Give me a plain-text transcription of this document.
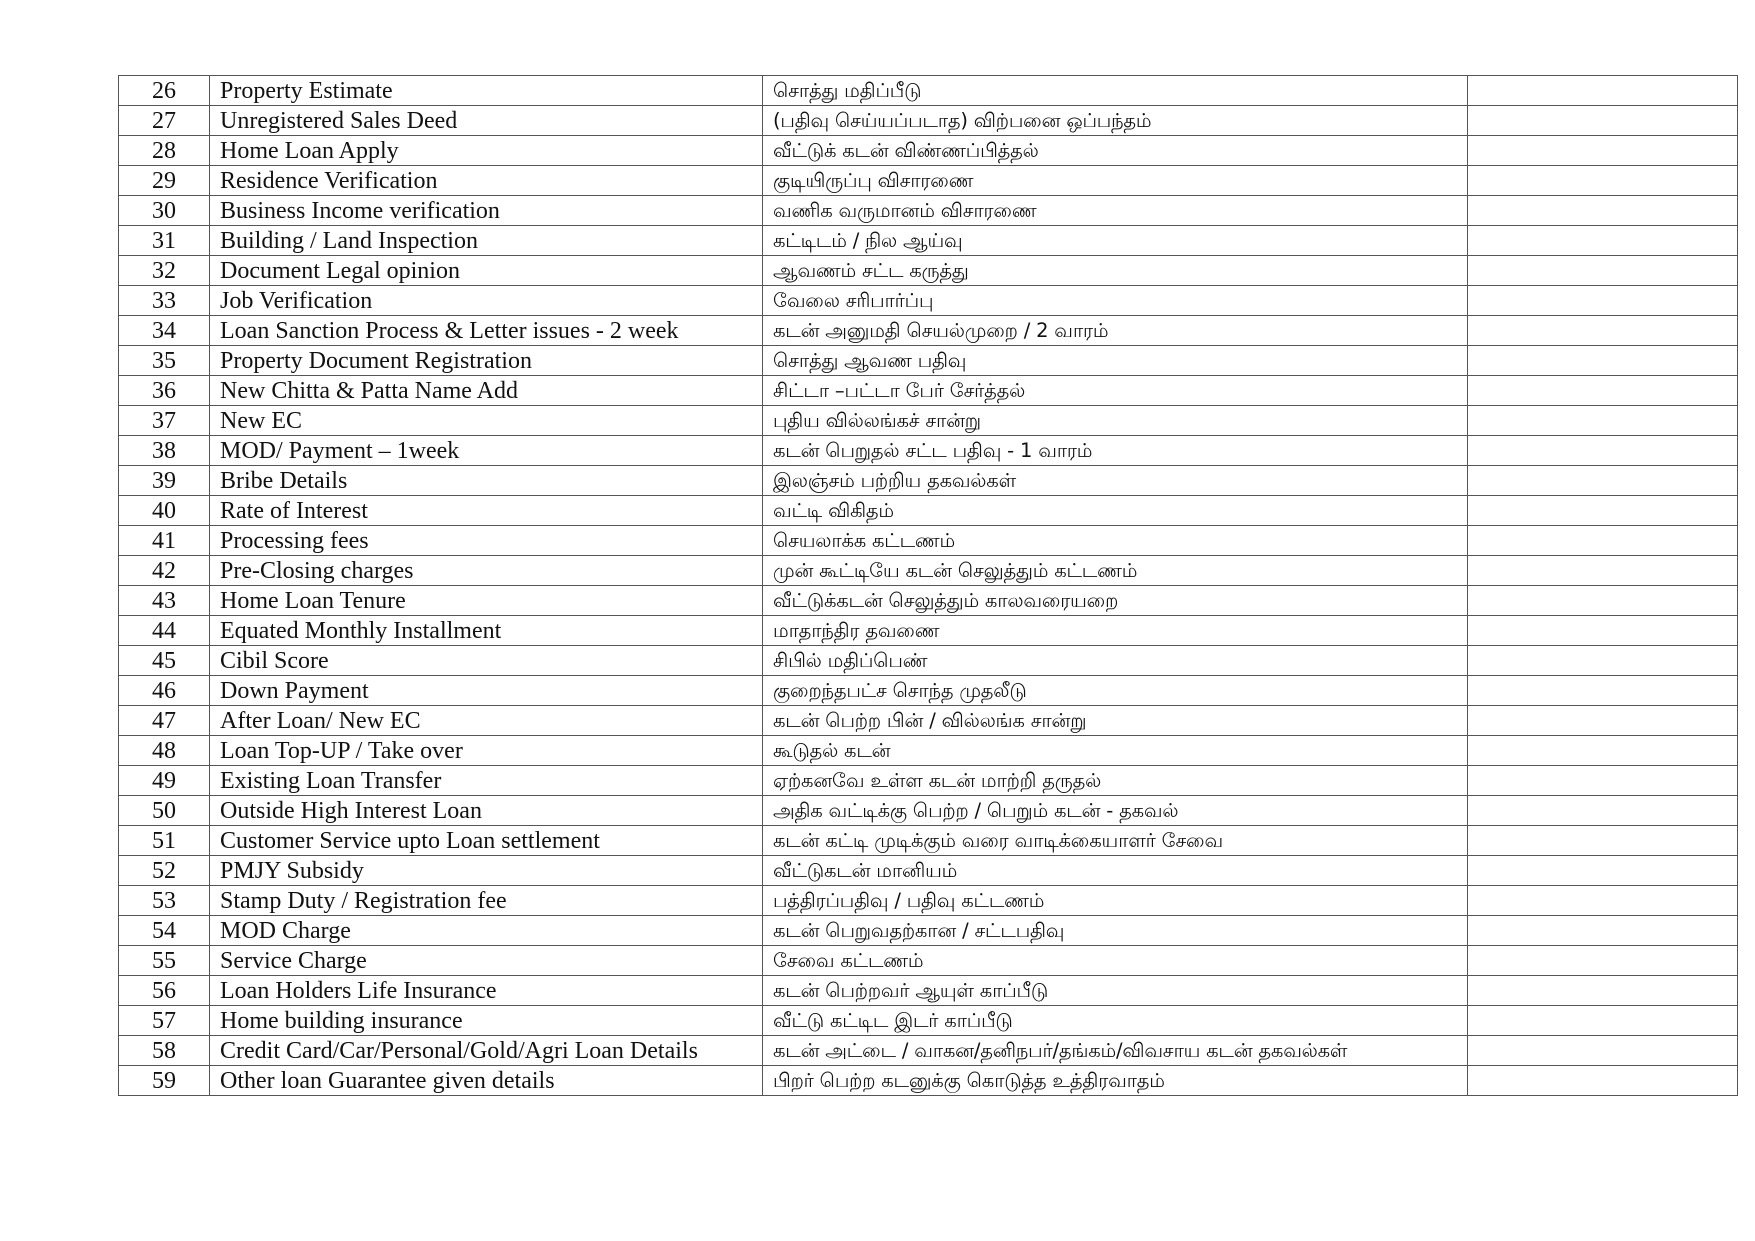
26	Property Estimate	சொத்து மதிப்பீடு	
27	Unregistered Sales Deed	(பதிவு செய்யப்படாத) விற்பனை ஒப்பந்தம்	
28	Home Loan Apply	வீட்டுக் கடன் விண்ணப்பித்தல்	
29	Residence Verification	குடியிருப்பு விசாரணை	
30	Business Income verification	வணிக வருமானம் விசாரணை	
31	Building / Land Inspection	கட்டிடம் / நில ஆய்வு	
32	Document Legal opinion	ஆவணம் சட்ட கருத்து	
33	Job Verification	வேலை சரிபார்ப்பு	
34	Loan Sanction Process & Letter issues - 2 week	கடன் அனுமதி செயல்முறை / 2 வாரம்	
35	Property Document Registration	சொத்து ஆவண பதிவு	
36	New Chitta & Patta Name Add	சிட்டா –பட்டா பேர் சேர்த்தல்	
37	New EC	புதிய வில்லங்கச் சான்று	
38	MOD/ Payment – 1week	கடன் பெறுதல் சட்ட பதிவு - 1 வாரம்	
39	Bribe Details	இலஞ்சம் பற்றிய தகவல்கள்	
40	Rate of Interest	வட்டி விகிதம்	
41	Processing fees	செயலாக்க கட்டணம்	
42	Pre-Closing charges	முன் கூட்டியே கடன் செலுத்தும் கட்டணம்	
43	Home Loan Tenure	வீட்டுக்கடன் செலுத்தும் காலவரையறை	
44	Equated Monthly Installment	மாதாந்திர தவணை	
45	Cibil Score	சிபில் மதிப்பெண்	
46	Down Payment	குறைந்தபட்ச சொந்த முதலீடு	
47	After Loan/ New EC	கடன் பெற்ற பின் / வில்லங்க சான்று	
48	Loan Top-UP / Take over	கூடுதல் கடன்	
49	Existing Loan Transfer	ஏற்கனவே உள்ள கடன் மாற்றி தருதல்	
50	Outside High Interest Loan	அதிக வட்டிக்கு பெற்ற / பெறும் கடன் - தகவல்	
51	Customer Service upto Loan settlement	கடன் கட்டி முடிக்கும் வரை வாடிக்கையாளர் சேவை	
52	PMJY Subsidy	வீட்டுகடன் மானியம்	
53	Stamp Duty / Registration fee	பத்திரப்பதிவு / பதிவு கட்டணம்	
54	MOD Charge	கடன் பெறுவதற்கான / சட்டபதிவு	
55	Service Charge	சேவை கட்டணம்	
56	Loan Holders Life Insurance	கடன் பெற்றவர் ஆயுள் காப்பீடு	
57	Home building insurance	வீட்டு கட்டிட இடர் காப்பீடு	
58	Credit Card/Car/Personal/Gold/Agri Loan Details	கடன் அட்டை / வாகன/தனிநபர்/தங்கம்/விவசாய கடன் தகவல்கள்	
59	Other loan Guarantee given details	பிறர் பெற்ற கடனுக்கு கொடுத்த உத்திரவாதம்	
